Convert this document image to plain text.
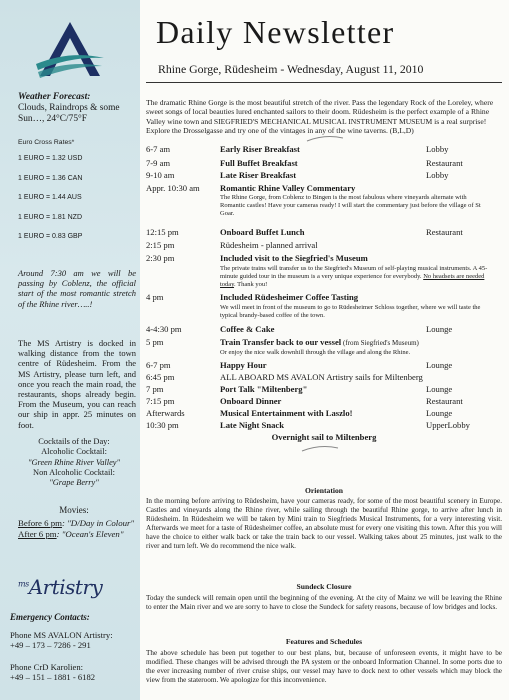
Weather Forecast:
Clouds, Raindrops & some Sun…, 24°C/75°F
Euro Cross Rates*
1 EURO = 1.32 USD
1 EURO = 1.36 CAN
1 EURO = 1.44 AUS
1 EURO = 1.81 NZD
1 EURO = 0.83 GBP
Around 7:30 am we will be passing by Coblenz, the official start of the most romantic stretch of the Rhine river…..!
The MS Artistry is docked in walking distance from the town centre of Rüdesheim. From the MS Artistry, please turn left, and once you reach the main road, the restaurants, shops already begin. From the Museum, you can reach our ship in appr. 25 minutes on foot.
Cocktails of the Day:
Alcoholic Cocktail:
"Green Rhine River Valley"
Non Alcoholic Cocktail:
"Grape Berry"
Movies:
Before 6 pm: "D/Day in Colour"
After 6 pm: "Ocean's Eleven"
$^{ms}$Artistry
Emergency Contacts:
Phone MS AVALON Artistry:
+49 – 173 – 7286 - 291
Phone CrD Karolien:
+49 – 151 – 1881 - 6182
Daily Newsletter
Rhine Gorge, Rüdesheim - Wednesday, August 11, 2010
The dramatic Rhine Gorge is the most beautiful stretch of the river. Pass the legendary Rock of the Loreley, where sweet songs of local beauties lured enchanted sailors to their doom. Rüdesheim is the perfect example of a Rhine Valley wine town and SIEGFRIED'S MECHANICAL MUSICAL INSTRUMENT MUSEUM is a real surprise! Explore the Drosselgasse and try one of the vintages in any of the wine taverns. (B,L,D)
6-7 am	Early Riser Breakfast	Lobby
7-9 am	Full Buffet Breakfast	Restaurant
9-10 am	Late Riser Breakfast	Lobby
Appr. 10:30 am Romantic Rhine Valley Commentary
The Rhine Gorge, from Coblenz to Bingen is the most fabulous where vineyards alternate with Romantic castles! Have your cameras ready! I will start the commentary just before the village of St Goar.
12:15 pm	Onboard Buffet Lunch	Restaurant
2:15 pm	Rüdesheim - planned arrival
2:30 pm	Included visit to the Siegfried's Museum
The private trains will transfer us to the Siegfried's Museum of self-playing musical instruments. A 45-minute guided tour in the museum is a very unique experience for everybody. No headsets are needed today. Thank you!
4 pm	Included Rüdesheimer Coffee Tasting
We will meet in front of the museum to go to Rüdesheimer Schloss together, where we will taste the typical brandy-based coffee of the town.
4-4:30 pm	Coffee & Cake	Lounge
5 pm	Train Transfer back to our vessel (from Siegfried's Museum)
Or enjoy the nice walk downhill through the village and along the Rhine.
6-7 pm	Happy Hour	Lounge
6:45 pm	ALL ABOARD MS AVALON Artistry sails for Miltenberg
7 pm	Port Talk "Miltenberg"	Lounge
7:15 pm	Onboard Dinner	Restaurant
Afterwards	Musical Entertainment with Laszlo!	Lounge
10:30 pm	Late Night Snack	UpperLobby
Overnight sail to Miltenberg
Orientation
In the morning before arriving to Rüdesheim, have your cameras ready, for some of the most beautiful scenery in Europe. Castles and vineyards along the Rhine river, while sailing through the beautiful Rhine gorge, to arrive after lunch in Rüdesheim. In Rüdesheim we will be taken by Mini train to Siegfrieds Musical Instruments, for a very interesting visit. Afterwards we meet for a taste of Rüdesheimer coffee, an absolute must for every one visiting this town. After this you will have the choice to either walk back or take the train back to our vessel. Walking takes about 25 minutes, just walk to the river and turn left. We do recommend the nice walk.
Sundeck Closure
Today the sundeck will remain open until the beginning of the evening. At the city of Mainz we will be leaving the Rhine to enter the Main river and we are sorry to have to close the Sundeck for safety reasons, because of low bridges and locks.
Features and Schedules
The above schedule has been put together to our best plans, but, because of unforeseen events, it might have to be modified. These changes will be advised through the PA system or the onboard Information Channel. In some ports due to the ever increasing number of river cruise ships, our vessel may have to dock next to other vessels which may block the view from the stateroom. We apologize for this inconvenience.
